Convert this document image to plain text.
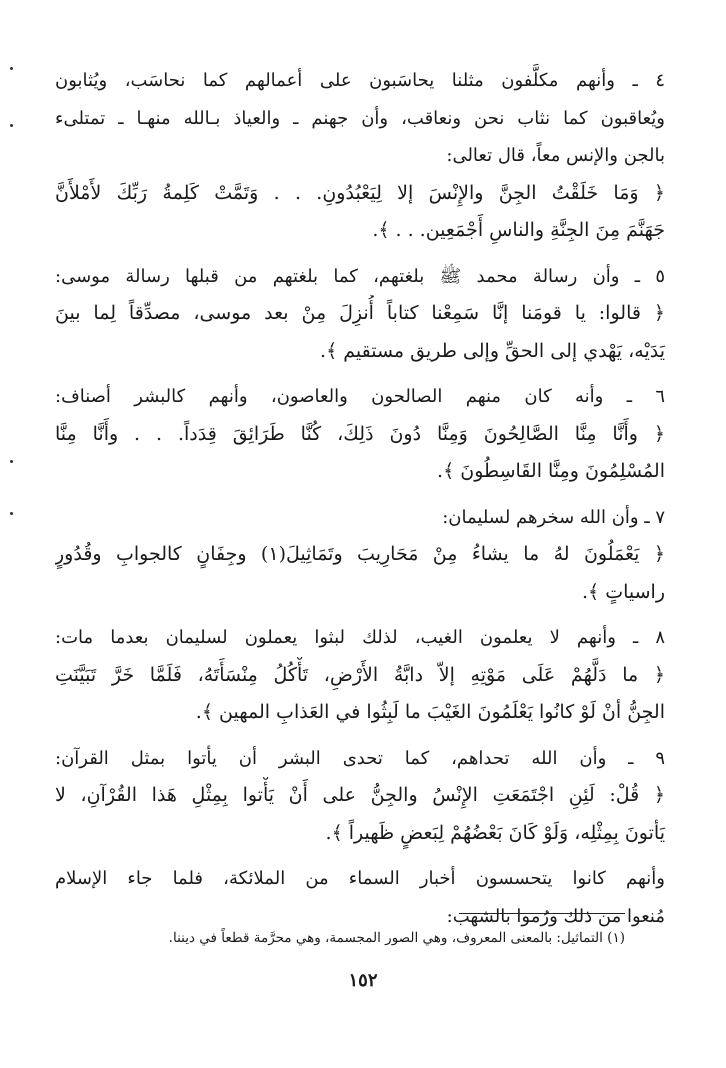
٤ ـ وأنهم مكلَّفون مثلنا يحاسَبون على أعمالهم كما نحاسَب، ويُثابون
ويُعاقبون كما نثاب نحن ونعاقب، وأن جهنم ـ والعياذ بـالله منهـا ـ تمتلىء
بالجن والإنس معاً، قال تعالى:
﴿ وَمَا خَلَقْتُ الجِنَّ والإِنْسَ إلا لِيَعْبُدُونِ. . . وَتَمَّتْ كَلِمةُ رَبِّكَ لأَمْلأَنَّ
جَهَنَّمَ مِنَ الجِنَّةِ والناسِ أَجْمَعِين. . . ﴾.
٥ ـ وأن رسالة محمد ﷺ بلغتهم، كما بلغتهم من قبلها رسالة موسى:
﴿ قالوا: يا قومَنا إنَّا سَمِعْنا كتاباً أُنزِلَ مِنْ بعد موسى، مصدِّقاً لِما بينَ
يَدَيْه، يَهْدي إلى الحقِّ وإلى طريق مستقيم ﴾.
٦ ـ وأنه كان منهم الصالحون والعاصون، وأنهم كالبشر أصناف:
﴿ وأَنَّا مِنَّا الصَّالِحُونَ وَمِنَّا دُونَ ذَلِكَ، كُنَّا طَرَائِقَ قِدَداً. . . وأَنَّا مِنَّا
المُسْلِمُونَ ومِنَّا القَاسِطُونَ ﴾.
٧ ـ وأن الله سخرهم لسليمان:
﴿ يَعْمَلُونَ لهُ ما يشاءُ مِنْ مَحَارِيبَ وتَمَاثِيلَ(١) وجِفَانٍ كالجوابِ وقُدُورٍ
راسياتٍ ﴾.
٨ ـ وأنهم لا يعلمون الغيب، لذلك لبثوا يعملون لسليمان بعدما مات:
﴿ ما دَلَّهُمْ عَلَى مَوْتِهِ إلاّ دابَّةُ الأَرْضِ، تَأْكُلُ مِنْسَأَتَهُ، فَلَمَّا خَرَّ تَبَيَّنَتِ
الجِنُّ أنْ لَوْ كانُوا يَعْلَمُونَ الغَيْبَ ما لَبِثُوا في العَذابِ المهين ﴾.
٩ ـ وأن الله تحداهم، كما تحدى البشر أن يأتوا بمثل القرآن:
﴿ قُلْ: لَئِنِ اجْتَمَعَتِ الإِنْسُ والجِنُّ على أَنْ يَأْتوا بِمِثْلِ هَذا القُرْآنِ، لا
يَأتونَ بِمِثْلِه، وَلَوْ كَانَ بَعْضُهُمْ لِبَعضٍ ظَهيراً ﴾.
وأنهم كانوا يتحسسون أخبار السماء من الملائكة، فلما جاء الإسلام
مُنعوا من ذلك ورُموا بالشهب:
(١) التماثيل: بالمعنى المعروف، وهي الصور المجسمة، وهي محرَّمة قطعاً في ديننا.
١٥٢
